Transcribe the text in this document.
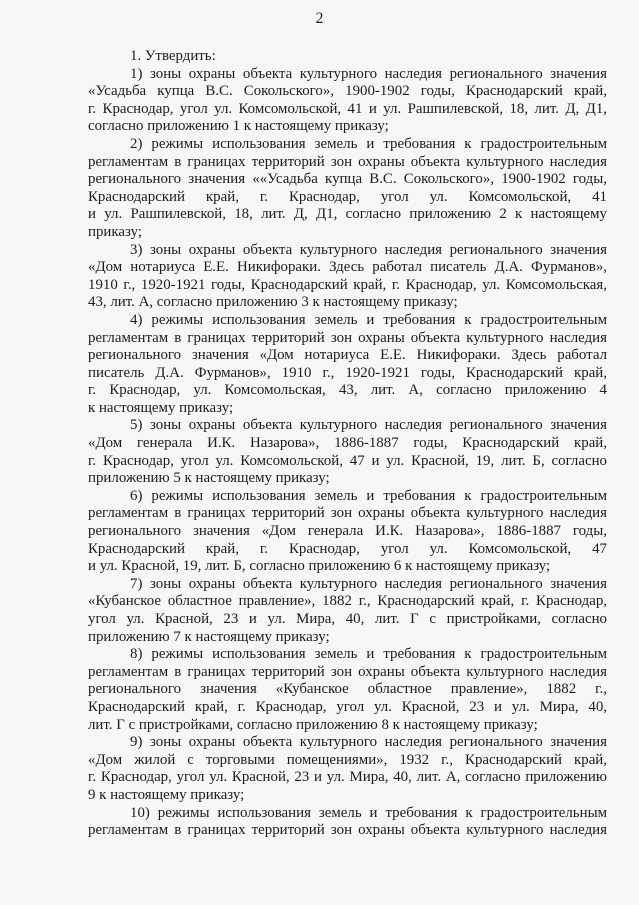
2
1. Утвердить:
1) зоны охраны объекта культурного наследия регионального значения
«Усадьба купца В.С. Сокольского», 1900-1902 годы, Краснодарский край,
г. Краснодар, угол ул. Комсомольской, 41 и ул. Рашпилевской, 18, лит. Д, Д1,
согласно приложению 1 к настоящему приказу;
2) режимы использования земель и требования к градостроительным
регламентам в границах территорий зон охраны объекта культурного наследия
регионального значения ««Усадьба купца В.С. Сокольского», 1900-1902 годы,
Краснодарский край, г. Краснодар, угол ул. Комсомольской, 41
и ул. Рашпилевской, 18, лит. Д, Д1, согласно приложению 2 к настоящему
приказу;
3) зоны охраны объекта культурного наследия регионального значения
«Дом нотариуса Е.Е. Никифораки. Здесь работал писатель Д.А. Фурманов»,
1910 г., 1920-1921 годы, Краснодарский край, г. Краснодар, ул. Комсомольская,
43, лит. А, согласно приложению 3 к настоящему приказу;
4) режимы использования земель и требования к градостроительным
регламентам в границах территорий зон охраны объекта культурного наследия
регионального значения «Дом нотариуса Е.Е. Никифораки. Здесь работал
писатель Д.А. Фурманов», 1910 г., 1920-1921 годы, Краснодарский край,
г. Краснодар, ул. Комсомольская, 43, лит. А, согласно приложению 4
к настоящему приказу;
5) зоны охраны объекта культурного наследия регионального значения
«Дом генерала И.К. Назарова», 1886-1887 годы, Краснодарский край,
г. Краснодар, угол ул. Комсомольской, 47 и ул. Красной, 19, лит. Б, согласно
приложению 5 к настоящему приказу;
6) режимы использования земель и требования к градостроительным
регламентам в границах территорий зон охраны объекта культурного наследия
регионального значения «Дом генерала И.К. Назарова», 1886-1887 годы,
Краснодарский край, г. Краснодар, угол ул. Комсомольской, 47
и ул. Красной, 19, лит. Б, согласно приложению 6 к настоящему приказу;
7) зоны охраны объекта культурного наследия регионального значения
«Кубанское областное правление», 1882 г., Краснодарский край, г. Краснодар,
угол ул. Красной, 23 и ул. Мира, 40, лит. Г с пристройками, согласно
приложению 7 к настоящему приказу;
8) режимы использования земель и требования к градостроительным
регламентам в границах территорий зон охраны объекта культурного наследия
регионального значения «Кубанское областное правление», 1882 г.,
Краснодарский край, г. Краснодар, угол ул. Красной, 23 и ул. Мира, 40,
лит. Г с пристройками, согласно приложению 8 к настоящему приказу;
9) зоны охраны объекта культурного наследия регионального значения
«Дом жилой с торговыми помещениями», 1932 г., Краснодарский край,
г. Краснодар, угол ул. Красной, 23 и ул. Мира, 40, лит. А, согласно приложению
9 к настоящему приказу;
10) режимы использования земель и требования к градостроительным
регламентам в границах территорий зон охраны объекта культурного наследия
